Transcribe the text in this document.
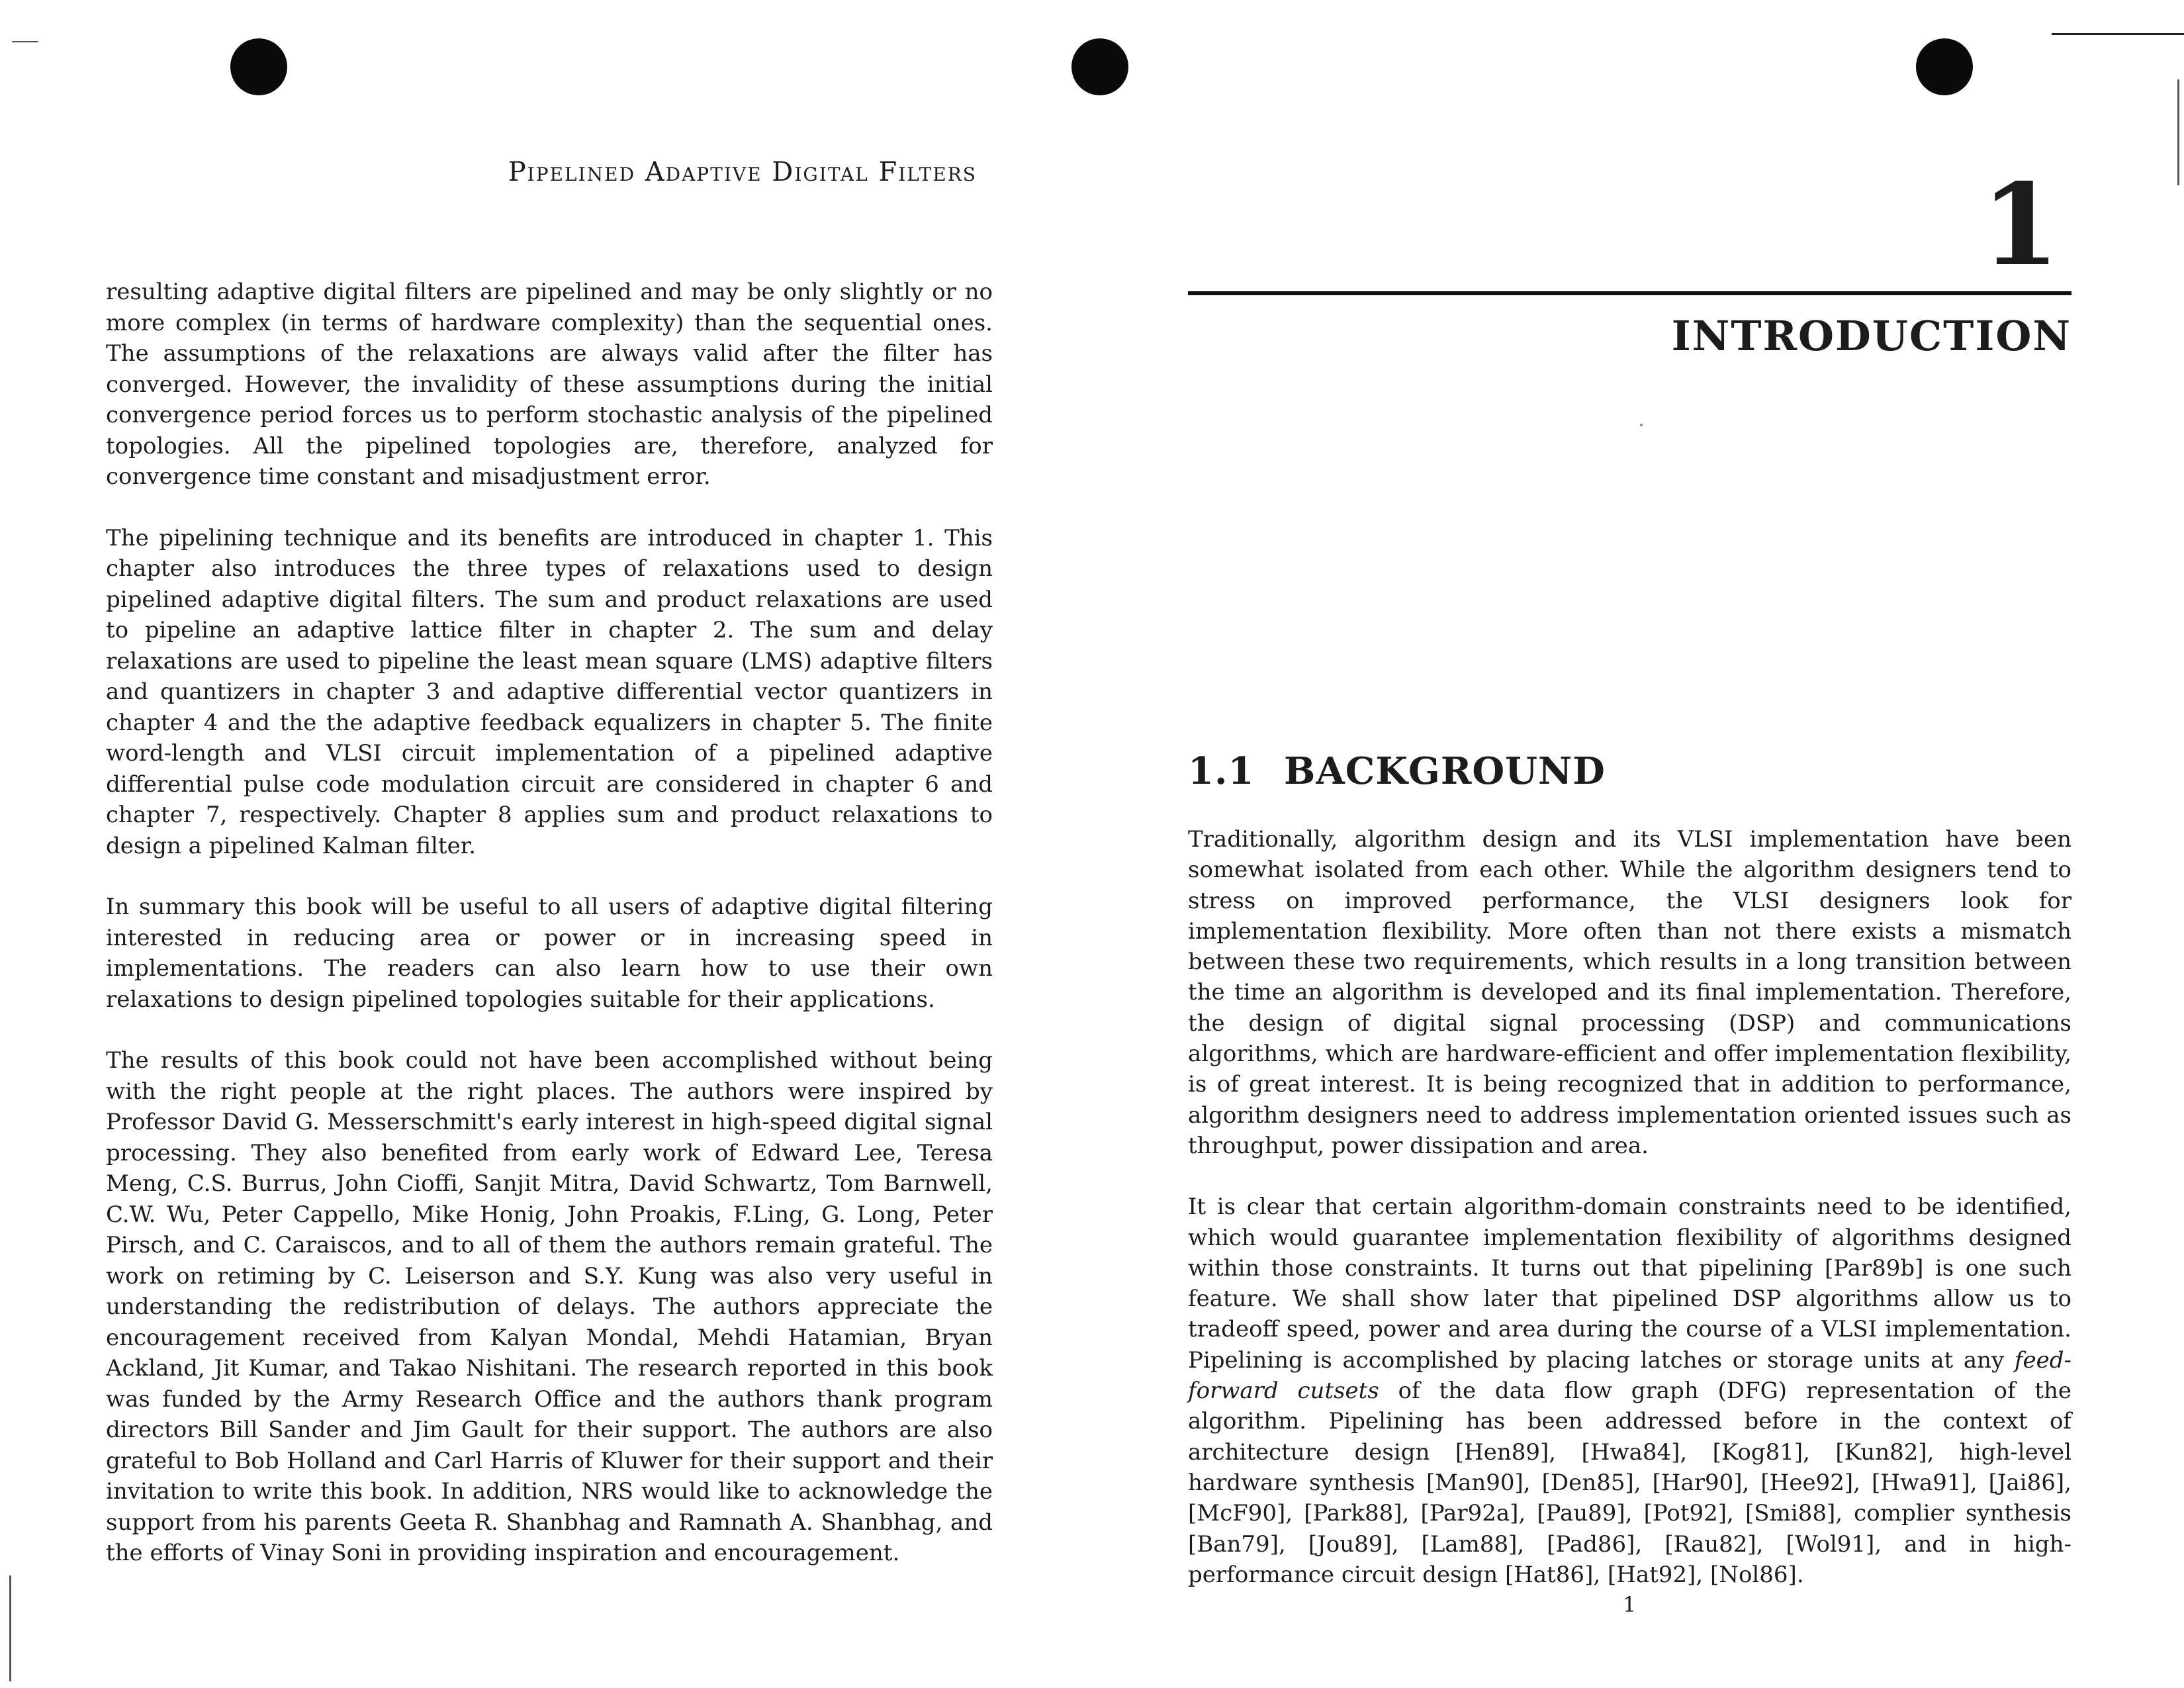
Pipelined Adaptive Digital Filters

resulting adaptive digital filters are pipelined and may be only slightly or no more complex (in terms of hardware complexity) than the sequential ones. The assumptions of the relaxations are always valid after the filter has converged. However, the invalidity of these assumptions during the initial convergence period forces us to perform stochastic analysis of the pipelined topologies. All the pipelined topologies are, therefore, analyzed for convergence time constant and misadjustment error.

The pipelining technique and its benefits are introduced in chapter 1. This chapter also introduces the three types of relaxations used to design pipelined adaptive digital filters. The sum and product relaxations are used to pipeline an adaptive lattice filter in chapter 2. The sum and delay relaxations are used to pipeline the least mean square (LMS) adaptive filters and quantizers in chapter 3 and adaptive differential vector quantizers in chapter 4 and the the adaptive feedback equalizers in chapter 5. The finite word-length and VLSI circuit implementation of a pipelined adaptive differential pulse code modulation circuit are considered in chapter 6 and chapter 7, respectively. Chapter 8 applies sum and product relaxations to design a pipelined Kalman filter.

In summary this book will be useful to all users of adaptive digital filtering interested in reducing area or power or in increasing speed in implementations. The readers can also learn how to use their own relaxations to design pipelined topologies suitable for their applications.

The results of this book could not have been accomplished without being with the right people at the right places. The authors were inspired by Professor David G. Messerschmitt's early interest in high-speed digital signal processing. They also benefited from early work of Edward Lee, Teresa Meng, C.S. Burrus, John Cioffi, Sanjit Mitra, David Schwartz, Tom Barnwell, C.W. Wu, Peter Cappello, Mike Honig, John Proakis, F.Ling, G. Long, Peter Pirsch, and C. Caraiscos, and to all of them the authors remain grateful. The work on retiming by C. Leiserson and S.Y. Kung was also very useful in understanding the redistribution of delays. The authors appreciate the encouragement received from Kalyan Mondal, Mehdi Hatamian, Bryan Ackland, Jit Kumar, and Takao Nishitani. The research reported in this book was funded by the Army Research Office and the authors thank program directors Bill Sander and Jim Gault for their support. The authors are also grateful to Bob Holland and Carl Harris of Kluwer for their support and their invitation to write this book. In addition, NRS would like to acknowledge the support from his parents Geeta R. Shanbhag and Ramnath A. Shanbhag, and the efforts of Vinay Soni in providing inspiration and encouragement.

1
INTRODUCTION
1.1 BACKGROUND

Traditionally, algorithm design and its VLSI implementation have been somewhat isolated from each other. While the algorithm designers tend to stress on improved performance, the VLSI designers look for implementation flexibility. More often than not there exists a mismatch between these two requirements, which results in a long transition between the time an algorithm is developed and its final implementation. Therefore, the design of digital signal processing (DSP) and communications algorithms, which are hardware-efficient and offer implementation flexibility, is of great interest. It is being recognized that in addition to performance, algorithm designers need to address implementation oriented issues such as throughput, power dissipation and area.

It is clear that certain algorithm-domain constraints need to be identified, which would guarantee implementation flexibility of algorithms designed within those constraints. It turns out that pipelining [Par89b] is one such feature. We shall show later that pipelined DSP algorithms allow us to tradeoff speed, power and area during the course of a VLSI implementation. Pipelining is accomplished by placing latches or storage units at any feed-forward cutsets of the data flow graph (DFG) representation of the algorithm. Pipelining has been addressed before in the context of architecture design [Hen89], [Hwa84], [Kog81], [Kun82], high-level hardware synthesis [Man90], [Den85], [Har90], [Hee92], [Hwa91], [Jai86], [McF90], [Park88], [Par92a], [Pau89], [Pot92], [Smi88], complier synthesis [Ban79], [Jou89], [Lam88], [Pad86], [Rau82], [Wol91], and in high-performance circuit design [Hat86], [Hat92], [Nol86].

1
